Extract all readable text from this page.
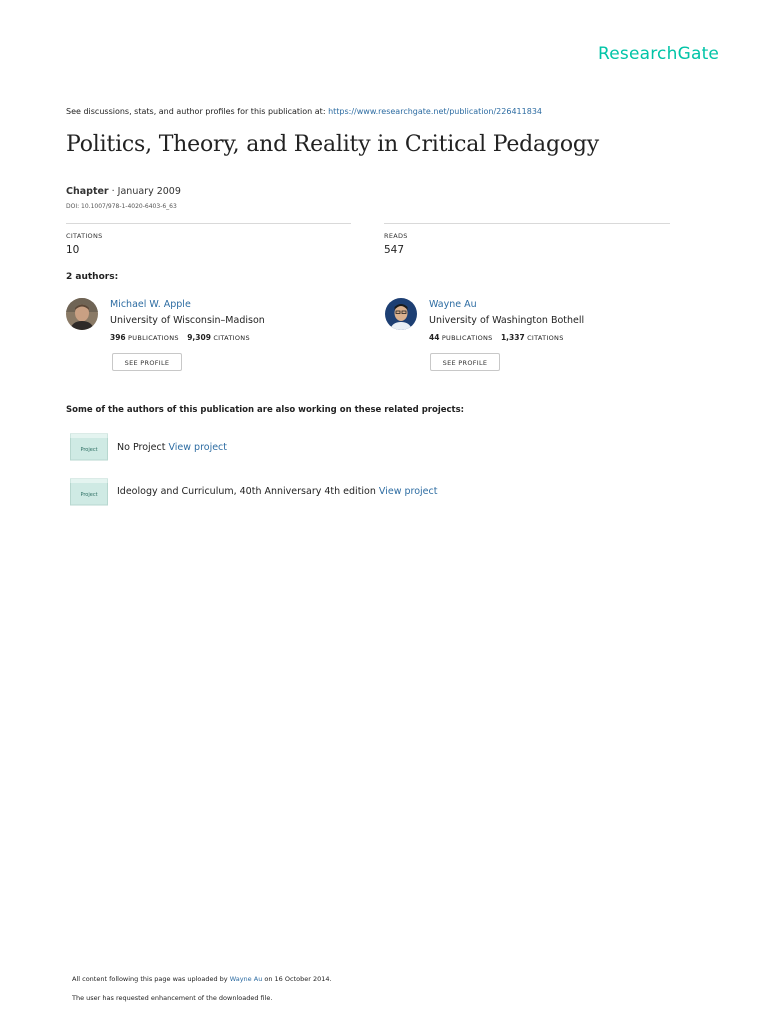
ResearchGate
See discussions, stats, and author profiles for this publication at: https://www.researchgate.net/publication/226411834
Politics, Theory, and Reality in Critical Pedagogy
Chapter · January 2009
DOI: 10.1007/978-1-4020-6403-6_63
CITATIONS
10
READS
547
2 authors:
Michael W. Apple
University of Wisconsin–Madison
396 PUBLICATIONS 9,309 CITATIONS
SEE PROFILE
Wayne Au
University of Washington Bothell
44 PUBLICATIONS 1,337 CITATIONS
SEE PROFILE
Some of the authors of this publication are also working on these related projects:
Project No Project View project
Project Ideology and Curriculum, 40th Anniversary 4th edition View project
All content following this page was uploaded by Wayne Au on 16 October 2014.
The user has requested enhancement of the downloaded file.
